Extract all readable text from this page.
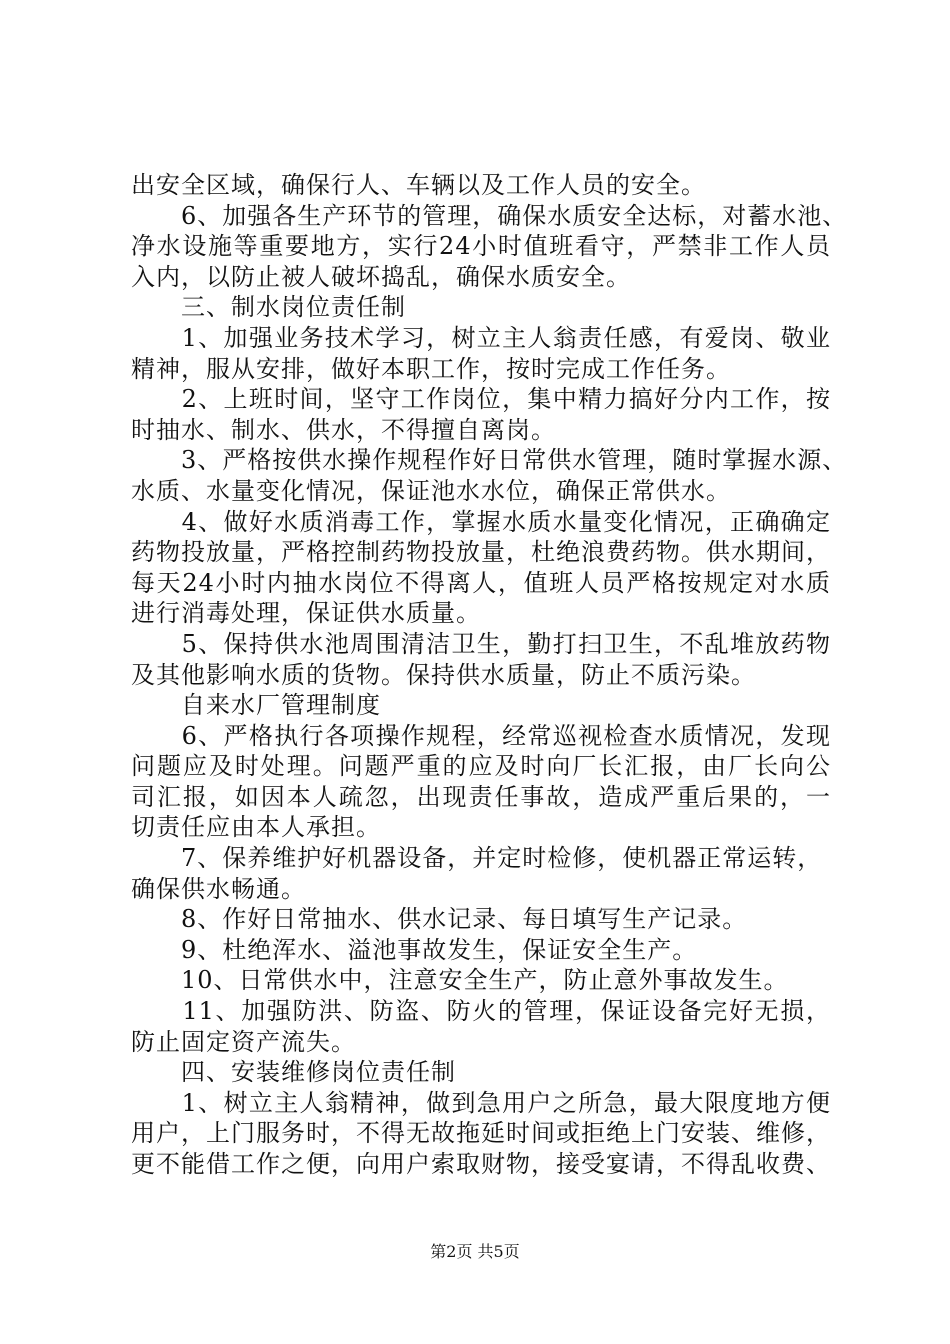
出安全区域，确保行人、车辆以及工作人员的安全。
　　6、加强各生产环节的管理，确保水质安全达标，对蓄水池、
净水设施等重要地方，实行24小时值班看守，严禁非工作人员
入内，以防止被人破坏捣乱，确保水质安全。
　　三、制水岗位责任制
　　1、加强业务技术学习，树立主人翁责任感，有爱岗、敬业
精神，服从安排，做好本职工作，按时完成工作任务。
　　2、上班时间，坚守工作岗位，集中精力搞好分内工作，按
时抽水、制水、供水，不得擅自离岗。
　　3、严格按供水操作规程作好日常供水管理，随时掌握水源、
水质、水量变化情况，保证池水水位，确保正常供水。
　　4、做好水质消毒工作，掌握水质水量变化情况，正确确定
药物投放量，严格控制药物投放量，杜绝浪费药物。供水期间，
每天24小时内抽水岗位不得离人，值班人员严格按规定对水质
进行消毒处理，保证供水质量。
　　5、保持供水池周围清洁卫生，勤打扫卫生，不乱堆放药物
及其他影响水质的货物。保持供水质量，防止不质污染。
　　自来水厂管理制度
　　6、严格执行各项操作规程，经常巡视检查水质情况，发现
问题应及时处理。问题严重的应及时向厂长汇报，由厂长向公
司汇报，如因本人疏忽，出现责任事故，造成严重后果的，一
切责任应由本人承担。
　　7、保养维护好机器设备，并定时检修，使机器正常运转，
确保供水畅通。
　　8、作好日常抽水、供水记录、每日填写生产记录。
　　9、杜绝浑水、溢池事故发生，保证安全生产。
　　10、日常供水中，注意安全生产，防止意外事故发生。
　　11、加强防洪、防盗、防火的管理，保证设备完好无损，
防止固定资产流失。
　　四、安装维修岗位责任制
　　1、树立主人翁精神，做到急用户之所急，最大限度地方便
用户，上门服务时，不得无故拖延时间或拒绝上门安装、维修，
更不能借工作之便，向用户索取财物，接受宴请，不得乱收费、
第2页 共5页
